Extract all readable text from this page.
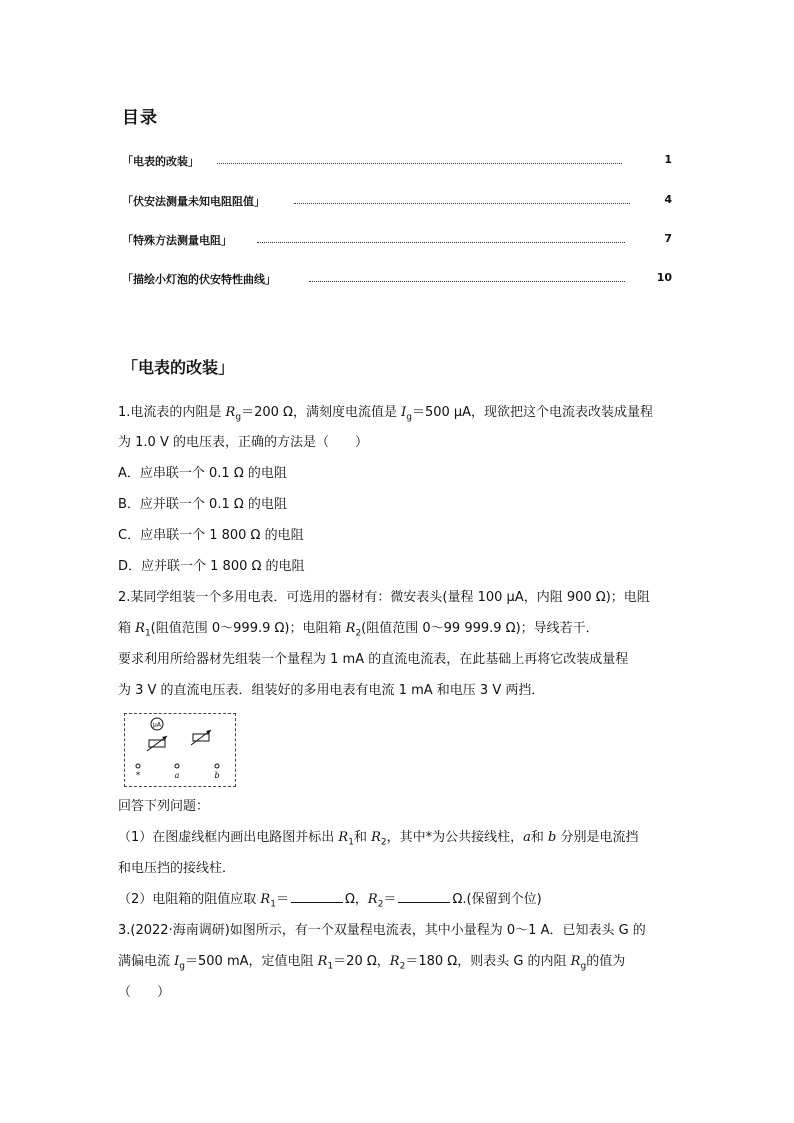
目录
「电表的改装」	1
「伏安法测量未知电阻阻值」	4
「特殊方法测量电阻」	7
「描绘小灯泡的伏安特性曲线」	10
「电表的改装」
1.电流表的内阻是 $R_g=200$ Ω，满刻度电流值是 $I_g=500$ μA，现欲把这个电流表改装成量程
为 1.0 V 的电压表，正确的方法是（　　）
A．应串联一个 0.1 Ω 的电阻
B．应并联一个 0.1 Ω 的电阻
C．应串联一个 1 800 Ω 的电阻
D．应并联一个 1 800 Ω 的电阻
2.某同学组装一个多用电表．可选用的器材有：微安表头(量程 100 μA，内阻 900 Ω)；电阻
箱 $R_1$(阻值范围 0～999.9 Ω)；电阻箱 $R_2$(阻值范围 0～99 999.9 Ω)；导线若干．
要求利用所给器材先组装一个量程为 1 mA 的直流电流表，在此基础上再将它改装成量程
为 3 V 的直流电压表．组装好的多用电表有电流 1 mA 和电压 3 V 两挡．
μA
*	a	b
回答下列问题：
（1）在图虚线框内画出电路图并标出 $R_1$和 $R_2$，其中*为公共接线柱，a和 b 分别是电流挡
和电压挡的接线柱．
（2）电阻箱的阻值应取 $R_1=$	Ω，$R_2=$	Ω.(保留到个位)
3.(2022·海南调研)如图所示，有一个双量程电流表，其中小量程为 0～1 A．已知表头 G 的
满偏电流 $I_g=500$ mA，定值电阻 $R_1=20$ Ω，$R_2=180$ Ω，则表头 G 的内阻 $R_g$的值为
（　　）
